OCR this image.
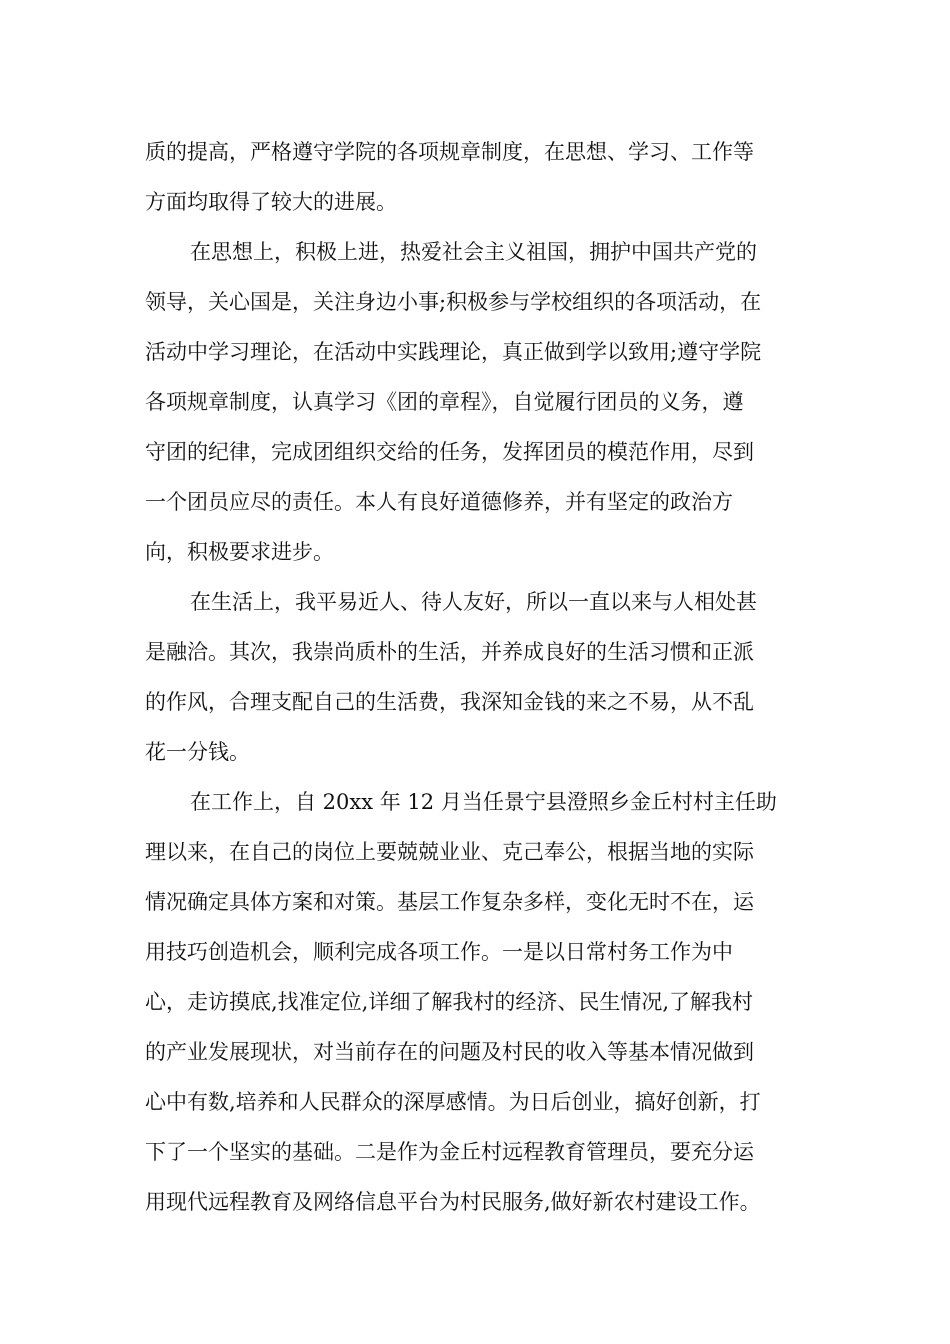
质的提高，严格遵守学院的各项规章制度，在思想、学习、工作等
方面均取得了较大的进展。
在思想上，积极上进，热爱社会主义祖国，拥护中国共产党的
领导，关心国是，关注身边小事;积极参与学校组织的各项活动，在
活动中学习理论，在活动中实践理论，真正做到学以致用;遵守学院
各项规章制度，认真学习《团的章程》，自觉履行团员的义务，遵
守团的纪律，完成团组织交给的任务，发挥团员的模范作用，尽到
一个团员应尽的责任。本人有良好道德修养，并有坚定的政治方
向，积极要求进步。
在生活上，我平易近人、待人友好，所以一直以来与人相处甚
是融洽。其次，我崇尚质朴的生活，并养成良好的生活习惯和正派
的作风，合理支配自己的生活费，我深知金钱的来之不易，从不乱
花一分钱。
在工作上，自 20xx 年 12 月当任景宁县澄照乡金丘村村主任助
理以来，在自己的岗位上要兢兢业业、克己奉公，根据当地的实际
情况确定具体方案和对策。基层工作复杂多样，变化无时不在，运
用技巧创造机会，顺利完成各项工作。一是以日常村务工作为中
心，走访摸底,找准定位,详细了解我村的经济、民生情况,了解我村
的产业发展现状，对当前存在的问题及村民的收入等基本情况做到
心中有数,培养和人民群众的深厚感情。为日后创业，搞好创新，打
下了一个坚实的基础。二是作为金丘村远程教育管理员，要充分运
用现代远程教育及网络信息平台为村民服务,做好新农村建设工作。
